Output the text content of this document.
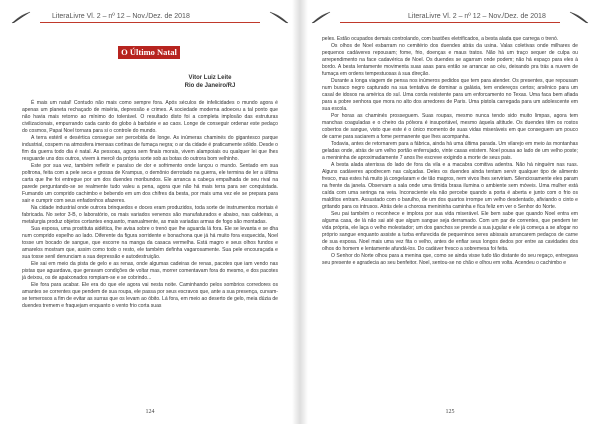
LiteraLivre Vl. 2 – nº 12 – Nov./Dez. de 2018
O Último Natal
Vitor Luiz Leite
Rio de Janeiro/RJ

É mais um natal! Contudo não mais como sempre fora. Após séculos de infelicidades o mundo agora é apenas um planeta rechaçado de miséria, depressão e crimes. A sociedade moderna adoeceu a tal ponto que não havia mais retorno ao mínimo do tolerável. O resultado disto foi a completa implosão das estruturas civilizacionais, empurrando cada canto do globo à barbárie e ao caos. Longe de conseguir ordenar este pedaço do cosmos, Papai Noel tornara para si o controle do mundo.

A terra estéril e desértica consegue ser percebida de longe. As inúmeras chaminés do gigantesco parque industrial, cospem na atmosfera imensas cortinas de fumaça negra; o ar da cidade é praticamente sólido. Desde o fim da guerra todo dia é natal. As pessoas, agora sem finais morais, vivem alampoiais ou qualquer lei que lhes resguarde uns dos outros, vivem à mercê da própria sorte sob as botas do outrora bom velhinho.

Este por sua vez, também refletir e paraíso de dor e sofrimento onde lançou o mundo. Sentado em sua poltrona, feita com a pele seca e grossa de Krampus, o demônio derrotado na guerra, ele termina de ler a última carta que lhe foi entregue por um dos duendes moribundos. Ele arranca a cabeça empalhada de seu rival na parede perguntando-se se realmente tudo valeu a pena, agora que não há mais terra para ser conquistada. Fumando um comprido cachimbo e bebendo em um dos chifres da besta, por mais uma vez ele se prepara para sair e cumprir com seus enfadonhos afazeres.

Na cidade industrial onde outrora brinquedos e doces eram produzidos, toda sorte de instrumentos mortais é fabricada. No setor 3-B, o laboratório, os mais variados venenos são manufaturados e abaixo, nas caldeiras, a metalurgia produz objetos cortantes enquanto, manualmente, as mais variadas armas de fogo são montadas.

Sua esposa, uma prostituta aidética, lhe avisa sobre o trenó que lhe aguarda lá fora. Ele se levanta e se dha num comprido espelho ao lado. Diferente da figura sorridente e bonachona que já há muito fora esquecida, Noel tosse um bocado de sangue, que escorre na manga da casaca vermelha. Está magro e seus olhos fundos e amarelos mostram que, assim como todo o resto, ele também definha vagarosamente. Sua pele encouraçada e sua tosse senil denunciam a sua depressão e autodestruição.

Ele sai em meio da pista de gelo e as renas, onde algumas cadeiras de renas, pacotes que iam vendo nas pistas que aguardava, que geravam condições de voltar mas, morrer comentavam fora do mesmo, e dos pacotes já deixou, os de apaixonados rompiam-se e se cobrindo...

Ele fora para acabar. Ele era do que ele agora vai nesta noite. Caminhando pelos sombrios corredores os amantes se correntes que pendem de sua roupa, ele passa por seus escravos que, ante a sua presença, curvam-se temerosos a fim de evitar as surras que os levam ao óbito. Lá fora, em meio ao deserto de gelo, meia dúzia de duendes tremem e fraquejam enquanto o vento frio corta suas

124
LiteraLivre Vl. 2 – nº 12 – Nov./Dez. de 2018

peles. Estão ocupados demais controlando, com bastões eletrificados, a besta alada que carrega o trenó.

Os olhos de Noel esbarram no cemitério dos duendes atrás da usina. Valas coletivas onde milhares de pequenos cadáveres repousam; fome, frio, doenças e maus tratos. Não há um traço sequer de culpa ou arrependimento na face cadavérica de Noel. Os duendes se agarram onde podem; não há espaço para eles à bordo. A besta lentamente movimenta suas asas para então se arrancar ao céu, deixando pra trás a nuvem de fumaça em ordens tempestuosas à sua direção.

Durante a longa viagem de pensa nos inúmeros pedidos que tem para atender. Os presentes, que repousam num buraco negro capturado na sua tentativa de dominar a galáxia, tem endereços certos; arsênico para um casal de idosos na américa do sul. Uma corda resistente para um enforcamento no Texas. Uma faca bem afiada para a pobre senhora que mora no alto dos arredores de Paris. Uma pistola carregada para um adolescente em sua escola.

Por horas as chaminés prosseguem. Suas roupas, mesmo nunca tendo sido muito limpas, agora tem manchas coaguladas e o cheiro da pólvora é insuportável, mesmo àquela altitude. Os duendes têm os rostos cobertos de sangue, visto que este é o único momento de suas vidas miseráveis em que conseguem um pouco de carne para saciarem a fome permanente que lhes acompanha.

Todavia, antes de retornarem para a fábrica, ainda há uma última parada. Um vilarejo em meio às montanhas geladas onde, atrás de um velho portão enferrujado, vinte casas existem. Noel pousa ao lado de um velho poste; a menininha de aproximadamente 7 anos lhe escreve exigindo a morte de seus pais.

A besta alada aterrissa do lado de fora da vila e a macabra comitiva adentra. Não há ninguém nas ruas. Alguns cadáveres apodrecem nas calçadas. Deles os duendes ainda tentam servir qualquer tipo de alimento fresco, mas estes há muito já congelaram e de tão magros, nem vivos lhes serviriam. Silenciosamente eles param na frente da janela. Observam a sala onde uma tímida brasa ilumina o ambiente sem móveis. Uma mulher está caída com uma seringa na veia. Inconsciente ela não percebe quando a porta é aberta e junto com o frio os maldítos entram. Assustado com o barulho, de um dos quartos irrompe um velho desdentado, afiviando o cinto e gritando para os intrusos. Atrás dele a chorosa menininha caminha e fica feliz em ver o Senhor do Norte.

Seu pai também o reconhece e implora por sua vida miserável. Ele bem sabe que quando Noel entra em alguma casa, de lá não sai até que algum sangue seja derramado. Com um par de correntes, que pendem ter vida própria, ele laça o velho molestador; um dos ganchos se prende a sua jugular e ele já começa a se afogar no próprio sangue enquanto assiste a turba enfurecida de pequeninos seres abissais arrancarem pedaços de carne de sua esposa. Noel mais uma vez fita o velho, antes de enfiar seus longos dedos por entre as cavidades dos olhos do homem e lentamente afundá-los. Do cadáver fresco a sobremesa foi feita.

O Senhor do Norte olhou para a menina que, como se ainda visse tudo tão distante do seu regaço, entregava seu presente e agradecia ao seu benfeitor. Noel, sentou-se no chão e olhou em volta. Acendeu o cachimbo e

125
